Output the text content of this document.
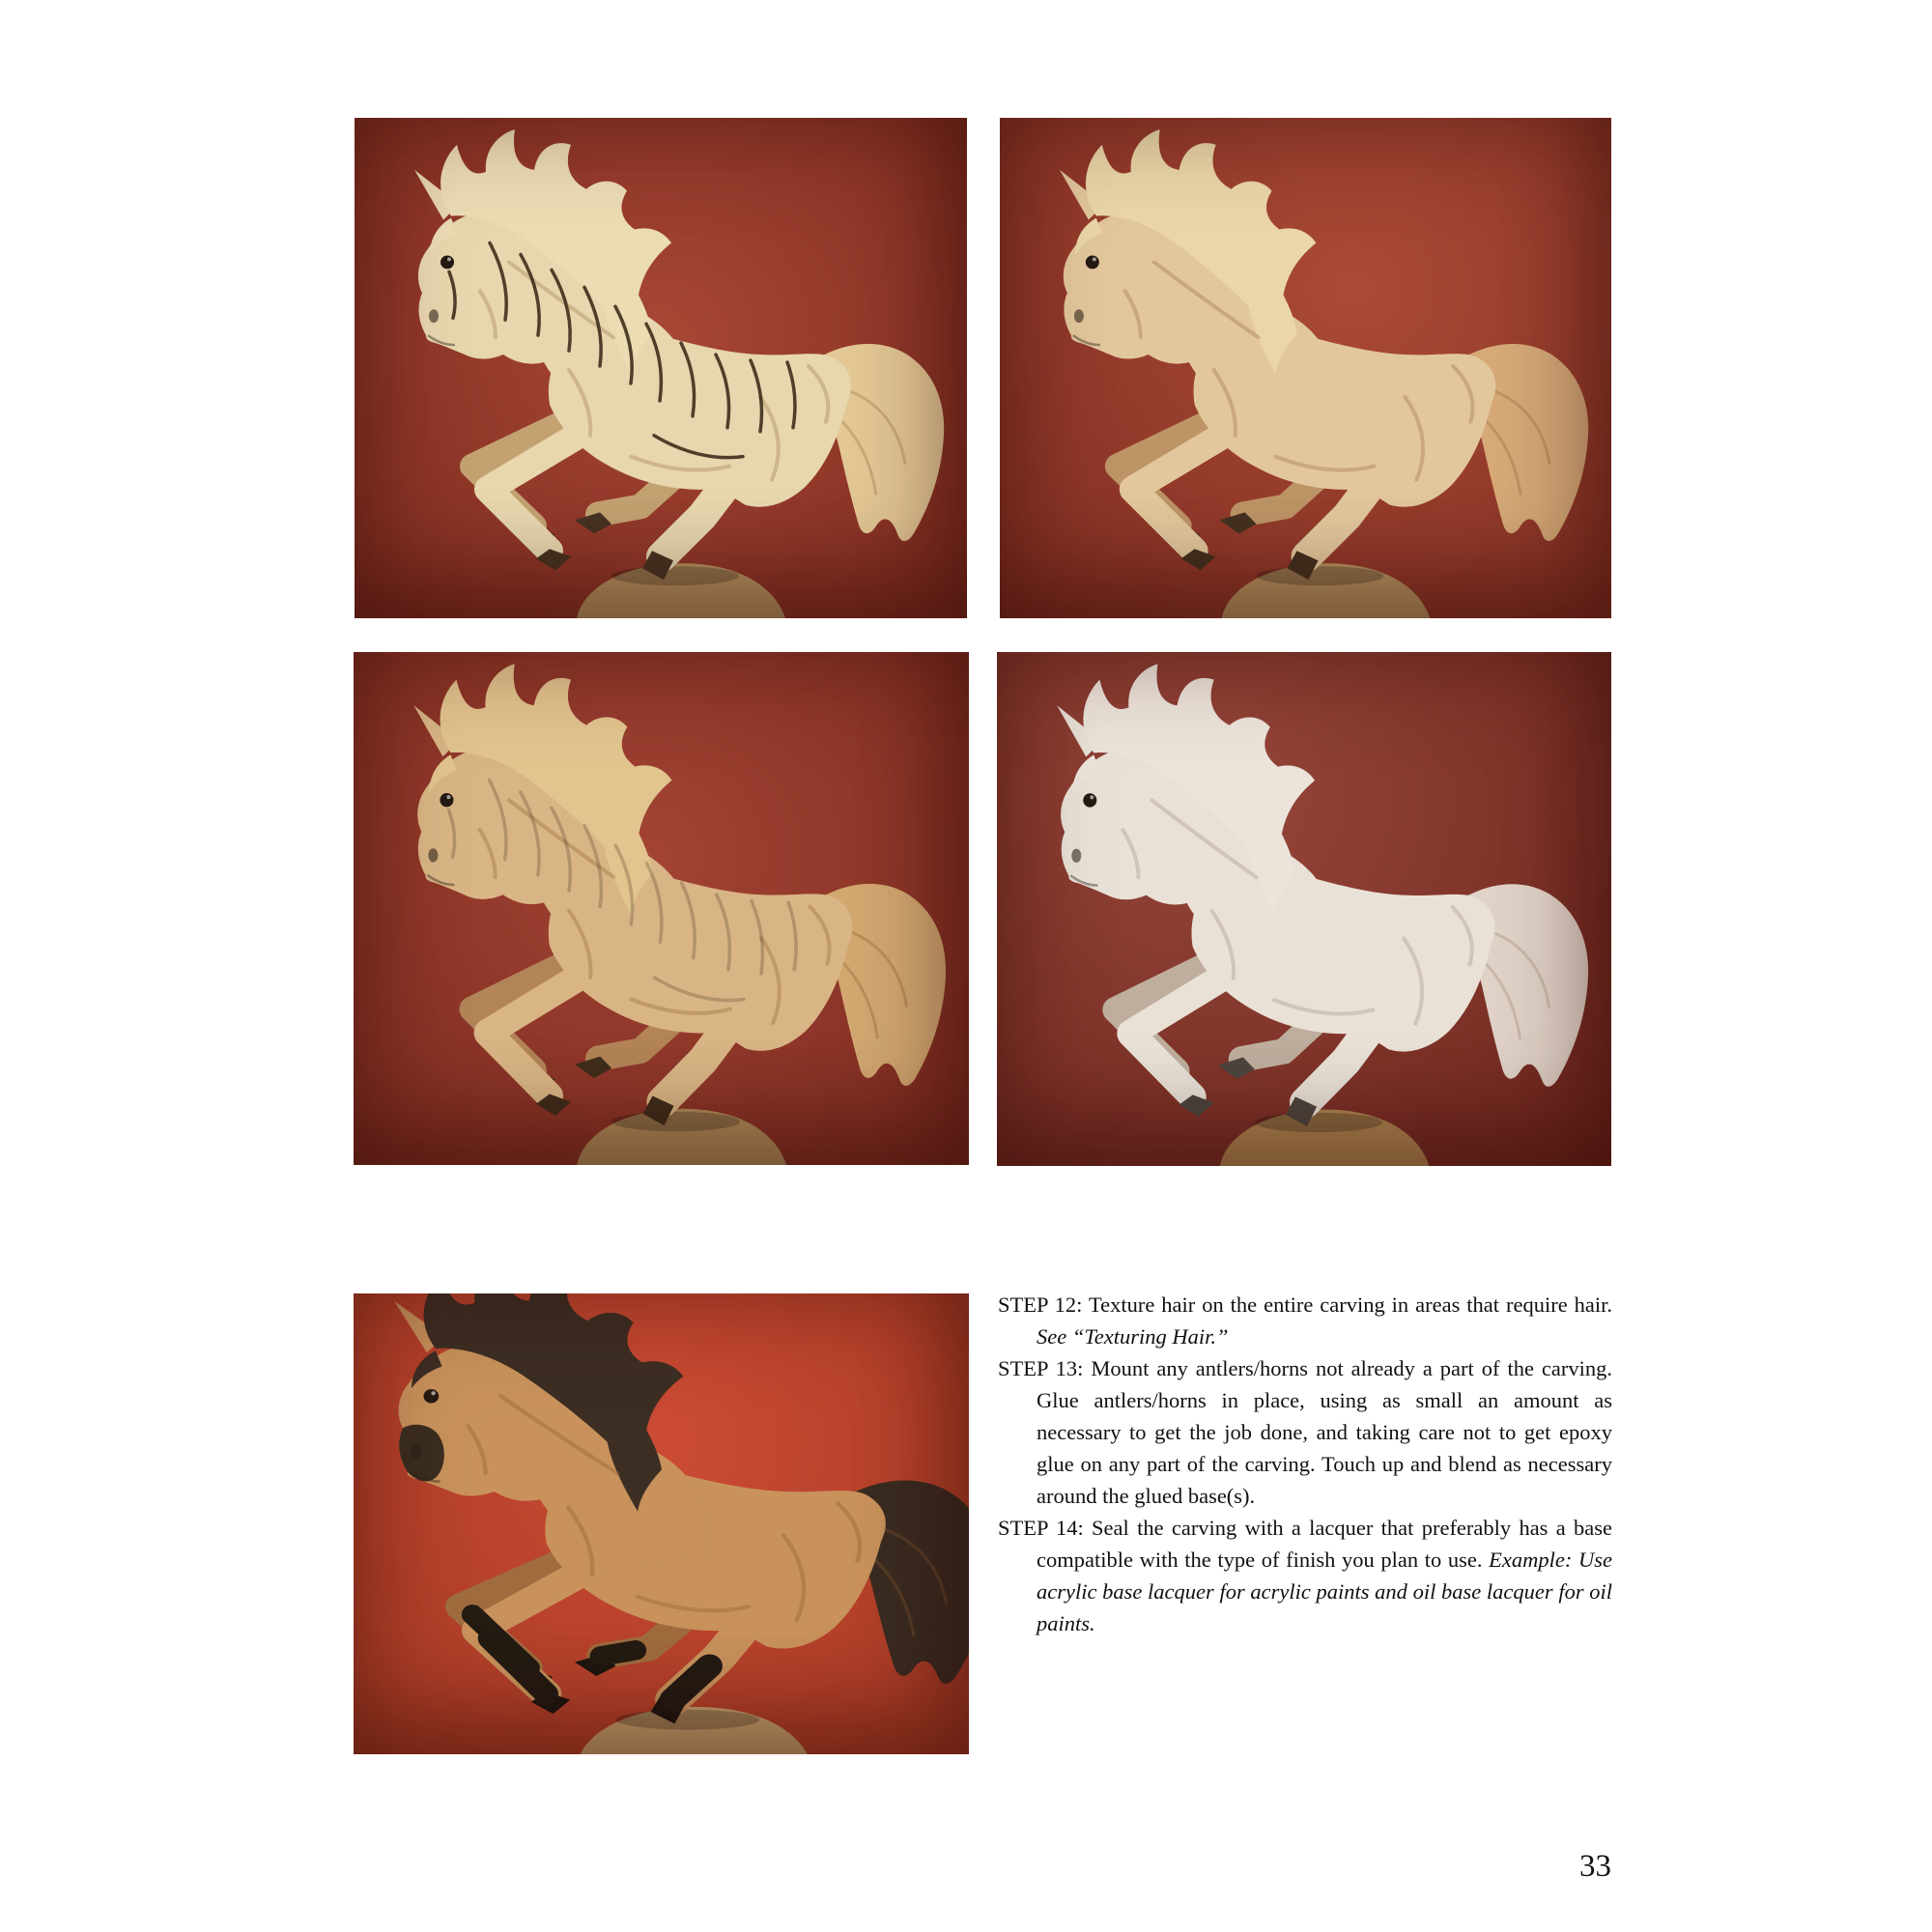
STEP 12: Texture hair on the entire carving in areas that require hair. See “Texturing Hair.”

STEP 13: Mount any antlers/horns not already a part of the carving. Glue antlers/horns in place, using as small an amount as necessary to get the job done, and taking care not to get epoxy glue on any part of the carving. Touch up and blend as necessary around the glued base(s).

STEP 14: Seal the carving with a lacquer that preferably has a base compatible with the type of finish you plan to use. Example: Use acrylic base lacquer for acrylic paints and oil base lacquer for oil paints.

33
